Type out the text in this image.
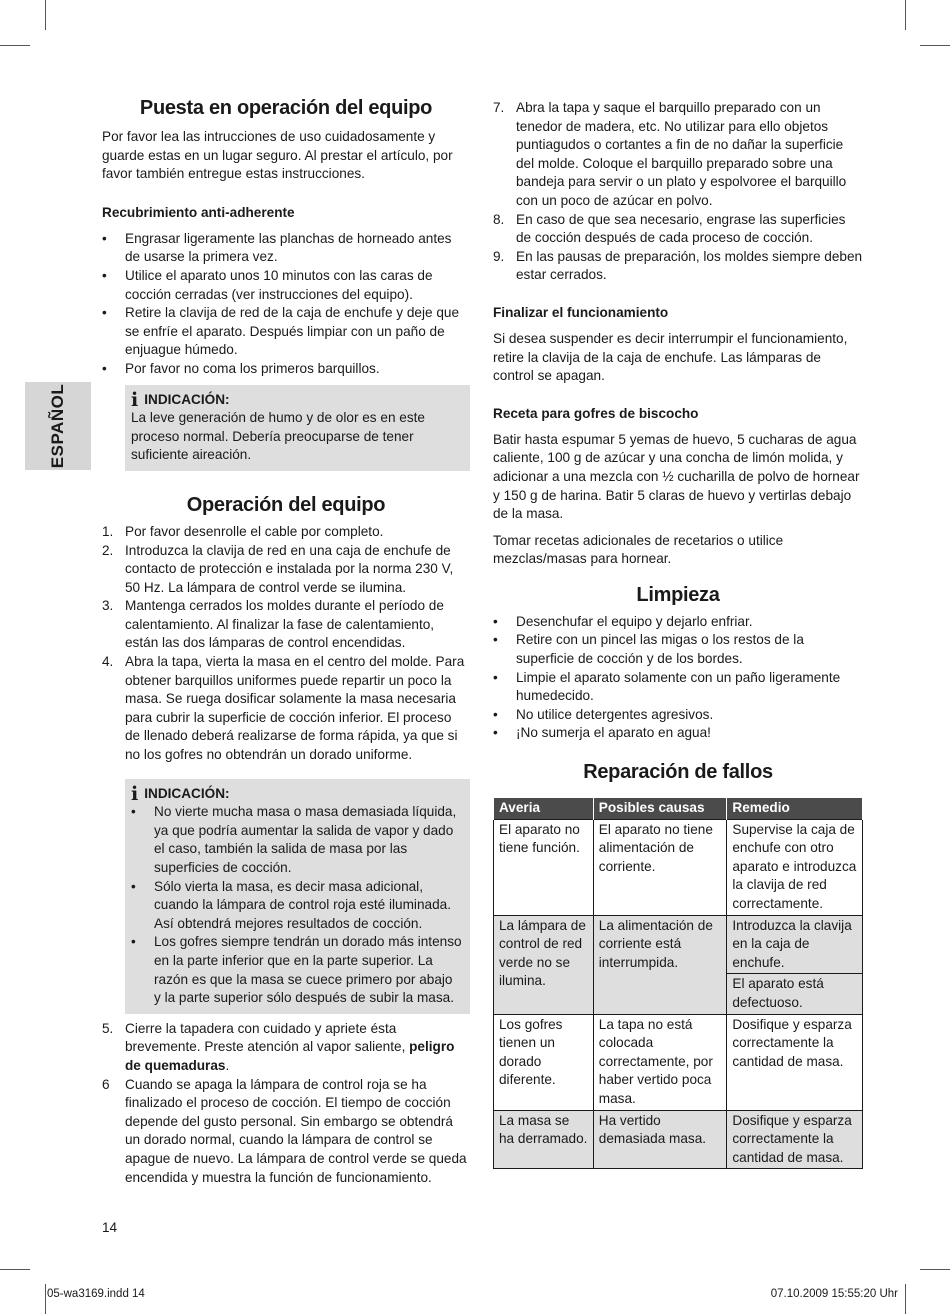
ESPAÑOL
Puesta en operación del equipo

Por favor lea las intrucciones de uso cuidadosamente y guarde estas en un lugar seguro. Al prestar el artículo, por favor también entregue estas instrucciones.

Recubrimiento anti-adherente
• Engrasar ligeramente las planchas de horneado antes de usarse la primera vez.
• Utilice el aparato unos 10 minutos con las caras de cocción cerradas (ver instrucciones del equipo).
• Retire la clavija de red de la caja de enchufe y deje que se enfríe el aparato. Después limpiar con un paño de enjuague húmedo.
• Por favor no coma los primeros barquillos.
i INDICACIÓN:

La leve generación de humo y de olor es en este proceso normal. Debería preocuparse de tener suficiente aireación.

Operación del equipo
1. Por favor desenrolle el cable por completo.
2. Introduzca la clavija de red en una caja de enchufe de contacto de protección e instalada por la norma 230 V, 50 Hz. La lámpara de control verde se ilumina.
3. Mantenga cerrados los moldes durante el período de calentamiento. Al finalizar la fase de calentamiento, están las dos lámparas de control encendidas.
4. Abra la tapa, vierta la masa en el centro del molde. Para obtener barquillos uniformes puede repartir un poco la masa. Se ruega dosificar solamente la masa necesaria para cubrir la superficie de cocción inferior. El proceso de llenado deberá realizarse de forma rápida, ya que si no los gofres no obtendrán un dorado uniforme.
i INDICACIÓN:
• No vierte mucha masa o masa demasiada líquida, ya que podría aumentar la salida de vapor y dado el caso, también la salida de masa por las superficies de cocción.
• Sólo vierta la masa, es decir masa adicional, cuando la lámpara de control roja esté iluminada. Así obtendrá mejores resultados de cocción.
• Los gofres siempre tendrán un dorado más intenso en la parte inferior que en la parte superior. La razón es que la masa se cuece primero por abajo y la parte superior sólo después de subir la masa.
5. Cierre la tapadera con cuidado y apriete ésta brevemente. Preste atención al vapor saliente, peligro de quemaduras.
6 Cuando se apaga la lámpara de control roja se ha finalizado el proceso de cocción. El tiempo de cocción depende del gusto personal. Sin embargo se obtendrá un dorado normal, cuando la lámpara de control se apague de nuevo. La lámpara de control verde se queda encendida y muestra la función de funcionamiento.
7. Abra la tapa y saque el barquillo preparado con un tenedor de madera, etc. No utilizar para ello objetos puntiagudos o cortantes a fin de no dañar la superficie del molde. Coloque el barquillo preparado sobre una bandeja para servir o un plato y espolvoree el barquillo con un poco de azúcar en polvo.
8. En caso de que sea necesario, engrase las superficies de cocción después de cada proceso de cocción.
9. En las pausas de preparación, los moldes siempre deben estar cerrados.
Finalizar el funcionamiento

Si desea suspender es decir interrumpir el funcionamiento, retire la clavija de la caja de enchufe. Las lámparas de control se apagan.

Receta para gofres de biscocho

Batir hasta espumar 5 yemas de huevo, 5 cucharas de agua caliente, 100 g de azúcar y una concha de limón molida, y adicionar a una mezcla con ½ cucharilla de polvo de hornear y 150 g de harina. Batir 5 claras de huevo y vertirlas debajo de la masa.

Tomar recetas adicionales de recetarios o utilice mezclas/masas para hornear.

Limpieza
• Desenchufar el equipo y dejarlo enfriar.
• Retire con un pincel las migas o los restos de la superficie de cocción y de los bordes.
• Limpie el aparato solamente con un paño ligeramente humedecido.
• No utilice detergentes agresivos.
• ¡No sumerja el aparato en agua!
Reparación de fallos
Averia	Posibles causas	Remedio
El aparato no tiene función.	El aparato no tiene alimentación de corriente.	Supervise la caja de enchufe con otro aparato e introduzca la clavija de red correctamente.
La lámpara de control de red verde no se ilumina.	La alimentación de corriente está interrumpida.	Introduzca la clavija en la caja de enchufe.
		El aparato está defectuoso.
Los gofres tienen un dorado diferente.	La tapa no está colocada correctamente, por haber vertido poca masa.	Dosifique y esparza correctamente la cantidad de masa.
La masa se ha derramado.	Ha vertido demasiada masa.	Dosifique y esparza correctamente la cantidad de masa.
14
05-wa3169.indd 14	07.10.2009 15:55:20 Uhr
